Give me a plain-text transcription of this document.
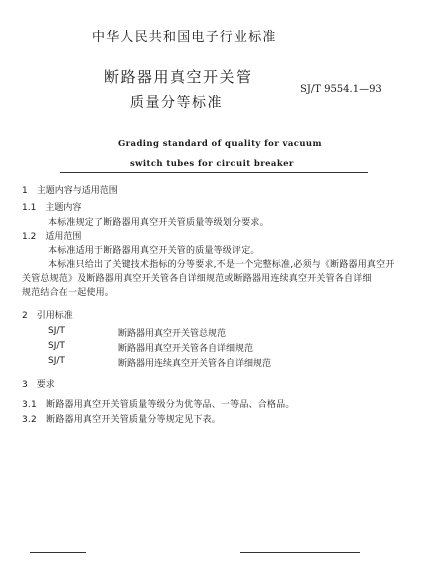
中华人民共和国电子行业标准
断路器用真空开关管
SJ/T 9554.1—93
质量分等标准
Grading standard of quality for vacuum
switch tubes for circuit breaker
1　主题内容与适用范围
1.1　主题内容
本标准规定了断路器用真空开关管质量等级划分要求。
1.2　适用范围
本标准适用于断路器用真空开关管的质量等级评定。
本标准只给出了关键技术指标的分等要求,不是一个完整标准,必须与《断路器用真空开
关管总规范》及断路器用真空开关管各自详细规范或断路器用连续真空开关管各自详细
规范结合在一起使用。
2　引用标准
SJ/T	断路器用真空开关管总规范
SJ/T	断路器用真空开关管各自详细规范
SJ/T	断路器用连续真空开关管各自详细规范
3　要求
3.1　断路器用真空开关管质量等级分为优等品、一等品、合格品。
3.2　断路器用真空开关管质量分等规定见下表。
